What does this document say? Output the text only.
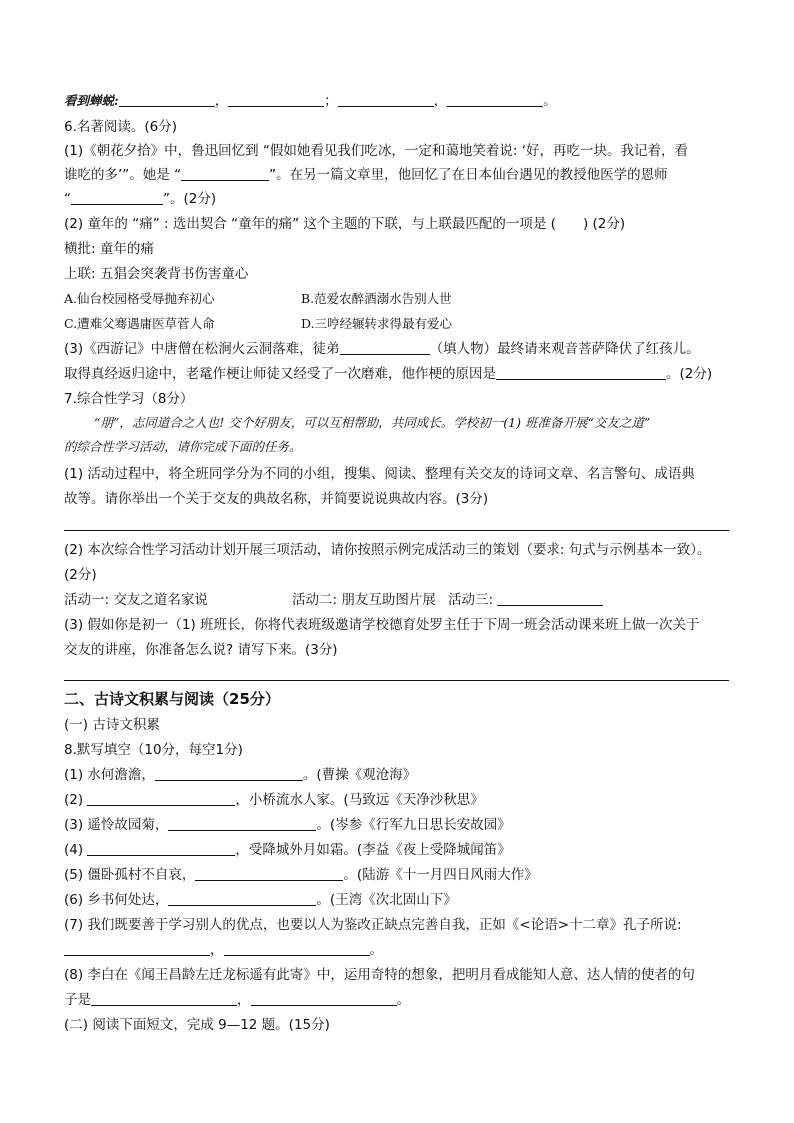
看到蝉蜕:	，	；	，	。
6.名著阅读。(6分)
(1)《朝花夕拾》中，鲁迅回忆到 “假如她看见我们吃冰，一定和蔼地笑着说: ‘好，再吃一块。我记着，看
谁吃的多’”。她是 “	”。在另一篇文章里，他回忆了在日本仙台遇见的教授他医学的恩师
“	”。(2分)
(2) 童年的 “痛” : 选出契合 “童年的痛” 这个主题的下联，与上联最匹配的一项是 (　　) (2分)
横批: 童年的痛
上联: 五猖会突袭背书伤害童心
A.仙台校园格受辱抛弃初心	B.范爱农醉酒溺水告别人世
C.遭难父骞遇庸医草菅人命	D.三哼经辗转求得最有爱心
(3)《西游记》中唐僧在松涧火云洞落难，徒弟	（填人物）最终请来观音菩萨降伏了红孩儿。
取得真经返归途中，老鼋作梗让师徒又经受了一次磨难，他作梗的原因是	。(2分)
7.综合性学习（8分）
“朋”，志同道合之人也! 交个好朋友，可以互相帮助，共同成长。学校初一(1) 班准备开展“交友之道”
的综合性学习活动，请你完成下面的任务。
(1) 活动过程中，将全班同学分为不同的小组，搜集、阅读、整理有关交友的诗词文章、名言警句、成语典
故等。请你举出一个关于交友的典故名称，并简要说说典故内容。(3分)
(2) 本次综合性学习活动计划开展三项活动，请你按照示例完成活动三的策划（要求: 句式与示例基本一致）。
(2分)
活动一: 交友之道名家说	活动二: 朋友互助图片展 活动三:
(3) 假如你是初一（1) 班班长，你将代表班级邀请学校德育处罗主任于下周一班会活动课来班上做一次关于
交友的讲座，你准备怎么说? 请写下来。(3分)
二、古诗文积累与阅读（25分）
(一) 古诗文积累
8.默写填空（10分，每空1分)
(1) 水何澹澹，	。(曹操《观沧海》
(2)	，小桥流水人家。(马致远《天净沙秋思》
(3) 遥怜故园菊，	。(岑参《行军九日思长安故园》
(4)	，受降城外月如霜。(李益《夜上受降城闻笛》
(5) 僵卧孤村不自哀，	。(陆游《十一月四日风雨大作》
(6) 乡书何处达，	。(王湾《次北固山下》
(7) 我们既要善于学习别人的优点，也要以人为鉴改正缺点完善自我，正如《<论语>十二章》孔子所说:
，	。
(8) 李白在《闻王昌龄左迁龙标遥有此寄》中，运用奇特的想象，把明月看成能知人意、达人情的使者的句
子是	，	。
(二) 阅读下面短文，完成 9—12 题。(15分)
